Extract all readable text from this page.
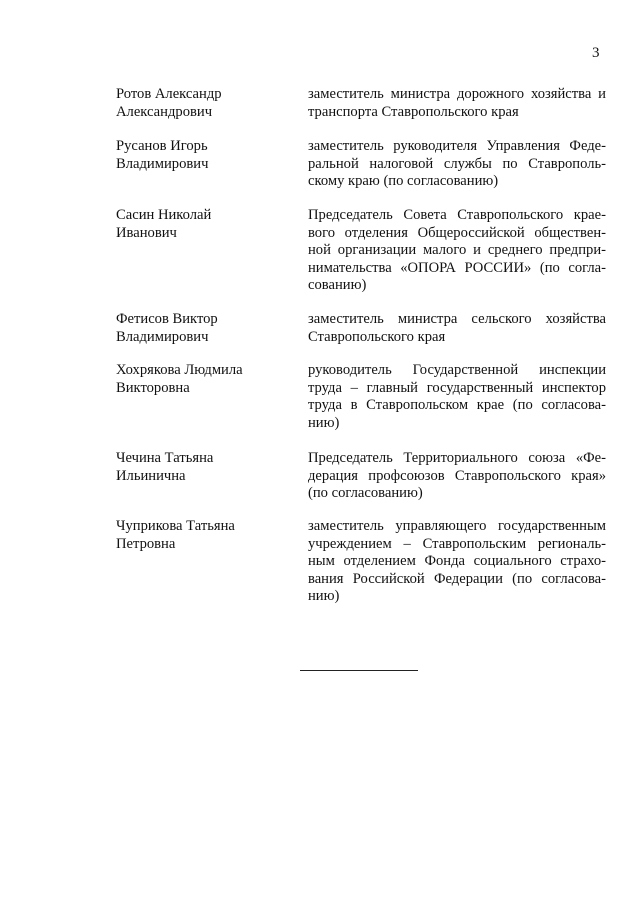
3
Ротов Александр
Александрович
заместитель министра дорожного хозяйства и
транспорта Ставропольского края
Русанов Игорь
Владимирович
заместитель руководителя Управления Феде-
ральной налоговой службы по Ставрополь-
скому краю (по согласованию)
Сасин Николай
Иванович
Председатель Совета Ставропольского крае-
вого отделения Общероссийской обществен-
ной организации малого и среднего предпри-
нимательства «ОПОРА РОССИИ» (по согла-
сованию)
Фетисов Виктор
Владимирович
заместитель министра сельского хозяйства
Ставропольского края
Хохрякова Людмила
Викторовна
руководитель Государственной инспекции
труда – главный государственный инспектор
труда в Ставропольском крае (по согласова-
нию)
Чечина Татьяна
Ильинична
Председатель Территориального союза «Фе-
дерация профсоюзов Ставропольского края»
(по согласованию)
Чуприкова Татьяна
Петровна
заместитель управляющего государственным
учреждением – Ставропольским региональ-
ным отделением Фонда социального страхо-
вания Российской Федерации (по согласова-
нию)
